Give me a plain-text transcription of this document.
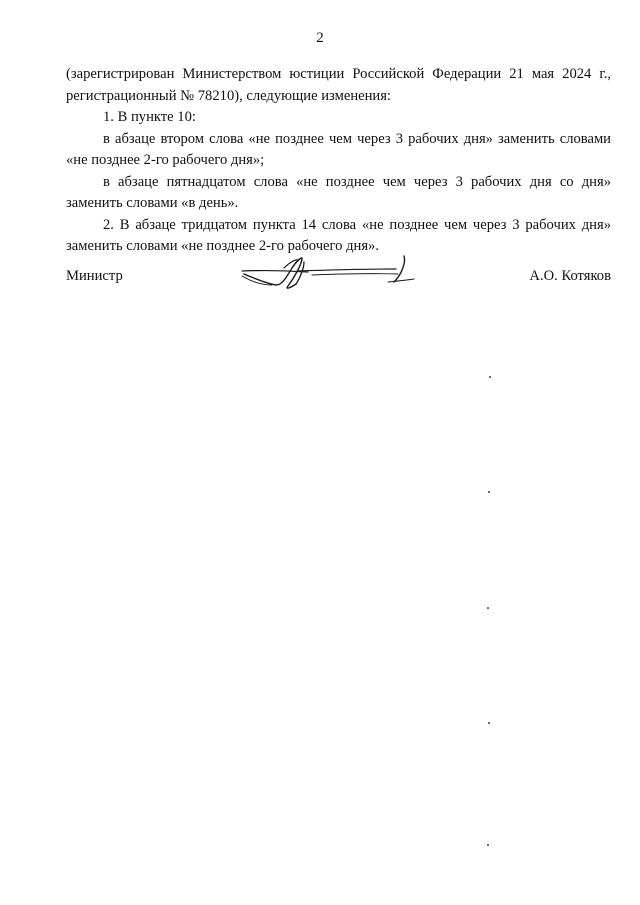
2

(зарегистрирован Министерством юстиции Российской Федерации 21 мая 2024 г., регистрационный № 78210), следующие изменения:

1. В пункте 10:

в абзаце втором слова «не позднее чем через 3 рабочих дня» заменить словами «не позднее 2-го рабочего дня»;

в абзаце пятнадцатом слова «не позднее чем через 3 рабочих дня со дня» заменить словами «в день».

2. В абзаце тридцатом пункта 14 слова «не позднее чем через 3 рабочих дня» заменить словами «не позднее 2-го рабочего дня».

Министр	А.О. Котяков
